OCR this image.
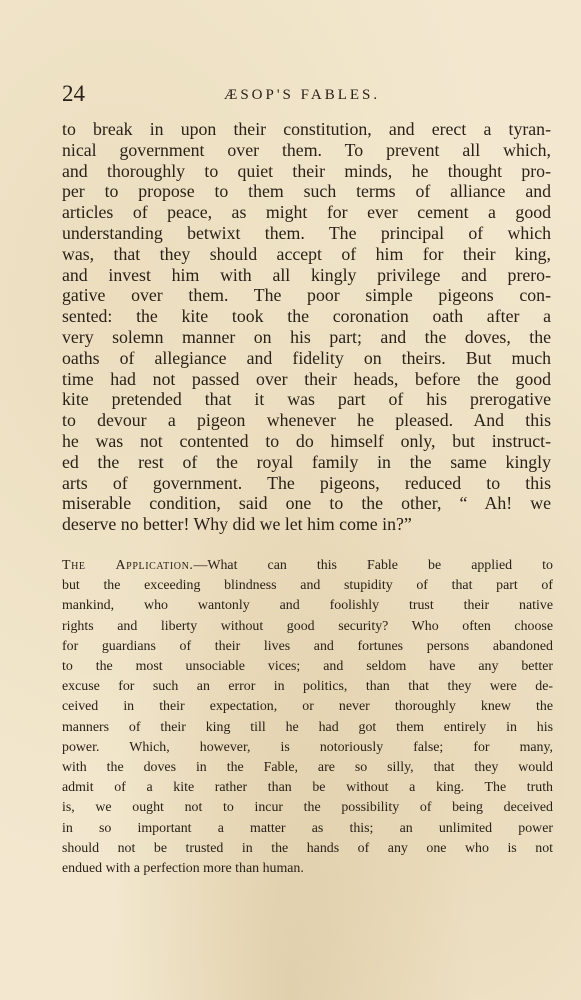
24	ÆSOP'S FABLES.
to break in upon their constitution, and erect a tyran-
nical government over them. To prevent all which,
and thoroughly to quiet their minds, he thought pro-
per to propose to them such terms of alliance and
articles of peace, as might for ever cement a good
understanding betwixt them. The principal of which
was, that they should accept of him for their king,
and invest him with all kingly privilege and prero-
gative over them. The poor simple pigeons con-
sented: the kite took the coronation oath after a
very solemn manner on his part; and the doves, the
oaths of allegiance and fidelity on theirs. But much
time had not passed over their heads, before the good
kite pretended that it was part of his prerogative
to devour a pigeon whenever he pleased. And this
he was not contented to do himself only, but instruct-
ed the rest of the royal family in the same kingly
arts of government. The pigeons, reduced to this
miserable condition, said one to the other, “ Ah! we
deserve no better! Why did we let him come in?”
The Application.—What can this Fable be applied to
but the exceeding blindness and stupidity of that part of
mankind, who wantonly and foolishly trust their native
rights and liberty without good security? Who often choose
for guardians of their lives and fortunes persons abandoned
to the most unsociable vices; and seldom have any better
excuse for such an error in politics, than that they were de-
ceived in their expectation, or never thoroughly knew the
manners of their king till he had got them entirely in his
power. Which, however, is notoriously false; for many,
with the doves in the Fable, are so silly, that they would
admit of a kite rather than be without a king. The truth
is, we ought not to incur the possibility of being deceived
in so important a matter as this; an unlimited power
should not be trusted in the hands of any one who is not
endued with a perfection more than human.
